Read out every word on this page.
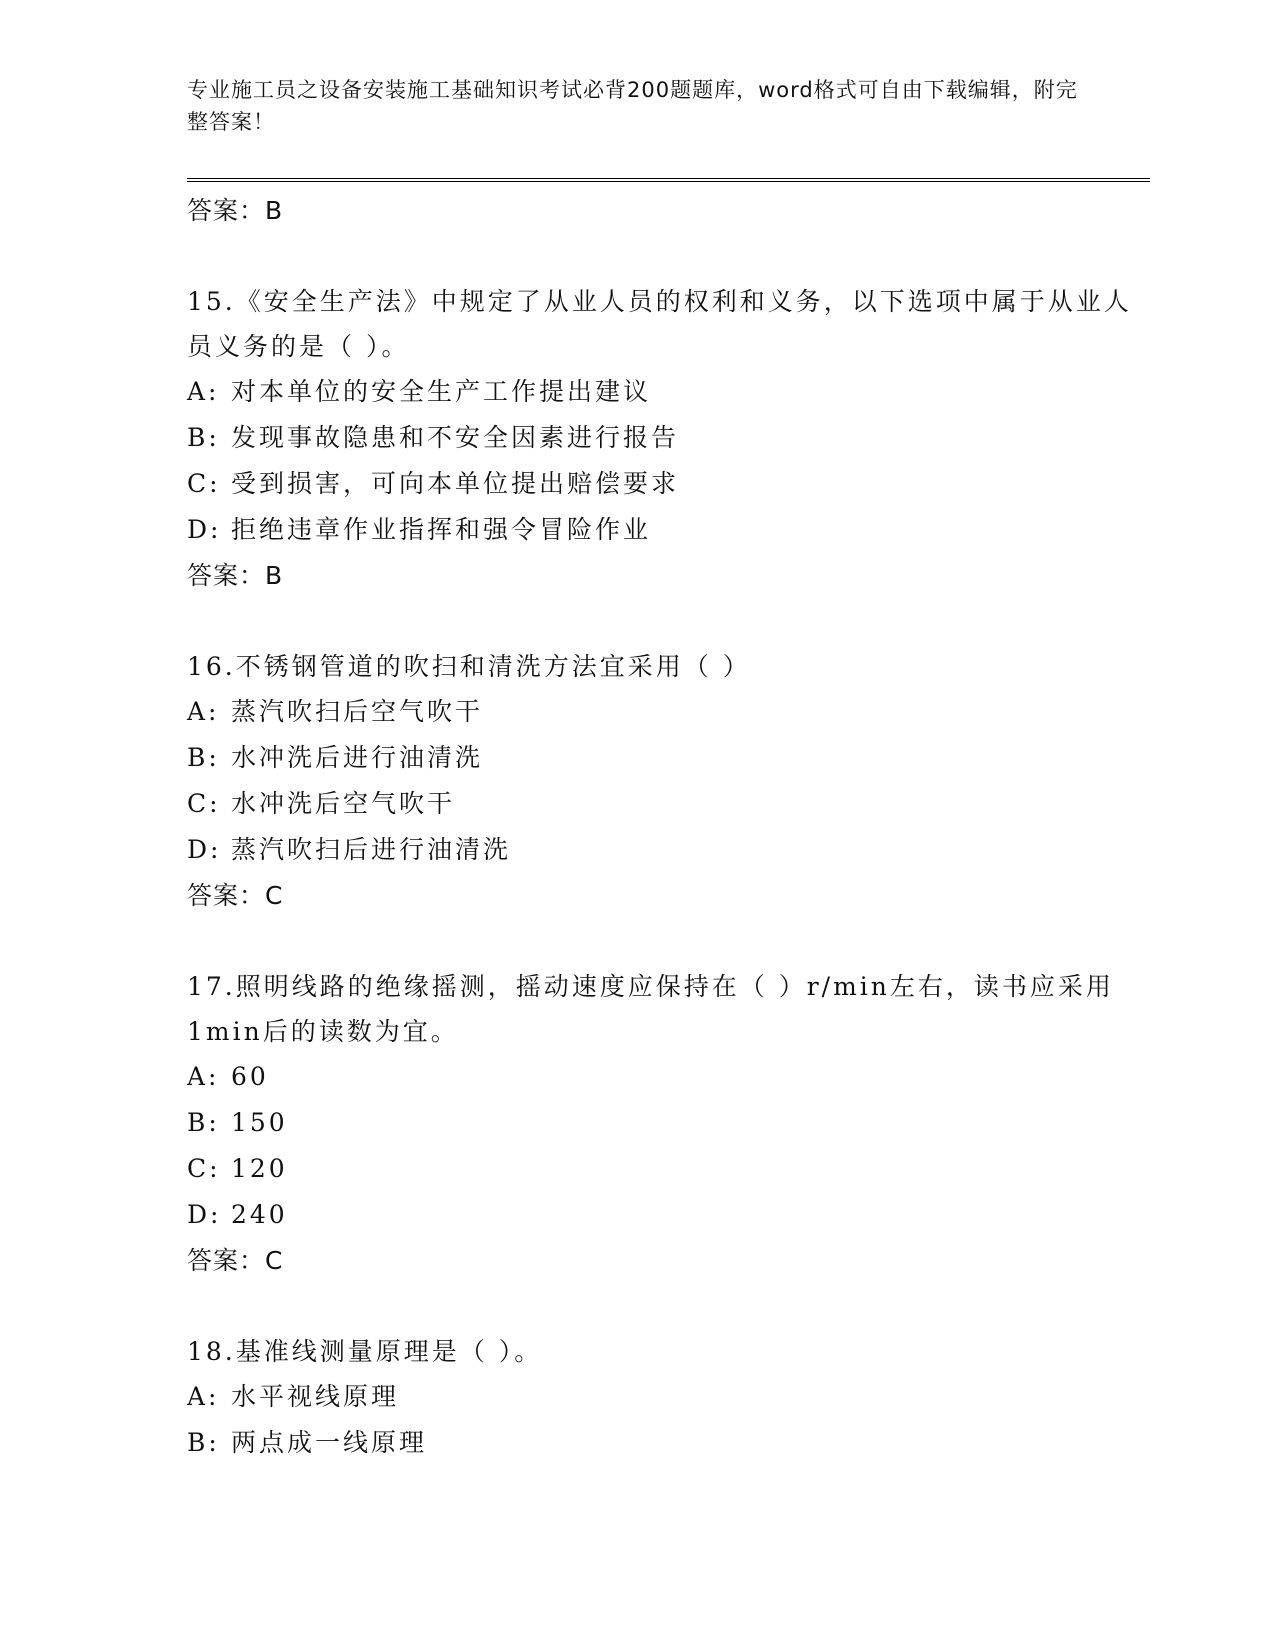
专业施工员之设备安装施工基础知识考试必背200题题库，word格式可自由下载编辑，附完整答案！
答案：B
15.《安全生产法》中规定了从业人员的权利和义务，以下选项中属于从业人员义务的是（ ）。
A: 对本单位的安全生产工作提出建议
B: 发现事故隐患和不安全因素进行报告
C: 受到损害，可向本单位提出赔偿要求
D: 拒绝违章作业指挥和强令冒险作业
答案：B
16.不锈钢管道的吹扫和清洗方法宜采用（ ）
A: 蒸汽吹扫后空气吹干
B: 水冲洗后进行油清洗
C: 水冲洗后空气吹干
D: 蒸汽吹扫后进行油清洗
答案：C
17.照明线路的绝缘摇测，摇动速度应保持在（ ）r/min左右，读书应采用1min后的读数为宜。
A: 60
B: 150
C: 120
D: 240
答案：C
18.基准线测量原理是（ ）。
A: 水平视线原理
B: 两点成一线原理
